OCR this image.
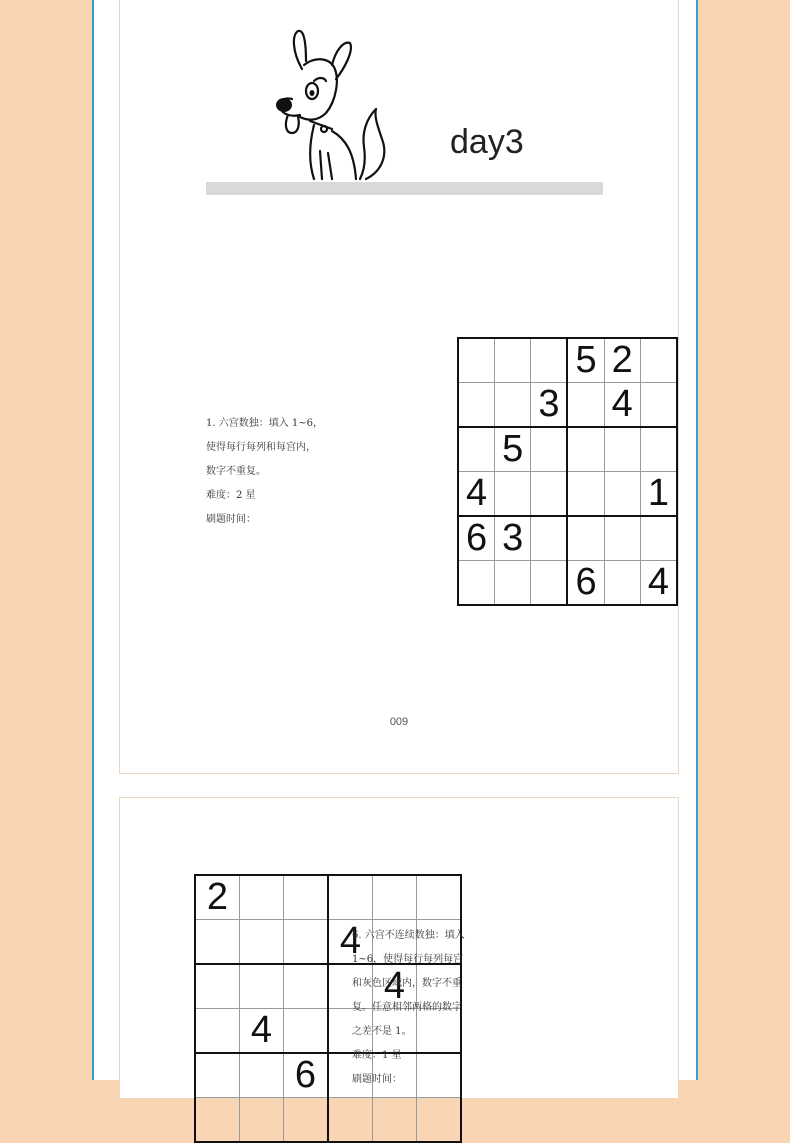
day3
1. 六宫数独：填入 1~6，
使得每行每列和每宫内，
数字不重复。
难度：2 星
刷题时间：
			5	2	
		3		4	
	5				
4					1
6	3				
			6		4
009
2					
			4		
				4	
	4				
		6			

6. 六宫不连续数独：填入
1~6，使得每行每列每宫
和灰色区域内，数字不重
复。任意相邻两格的数字
之差不是 1。
难度：1 星
刷题时间：
